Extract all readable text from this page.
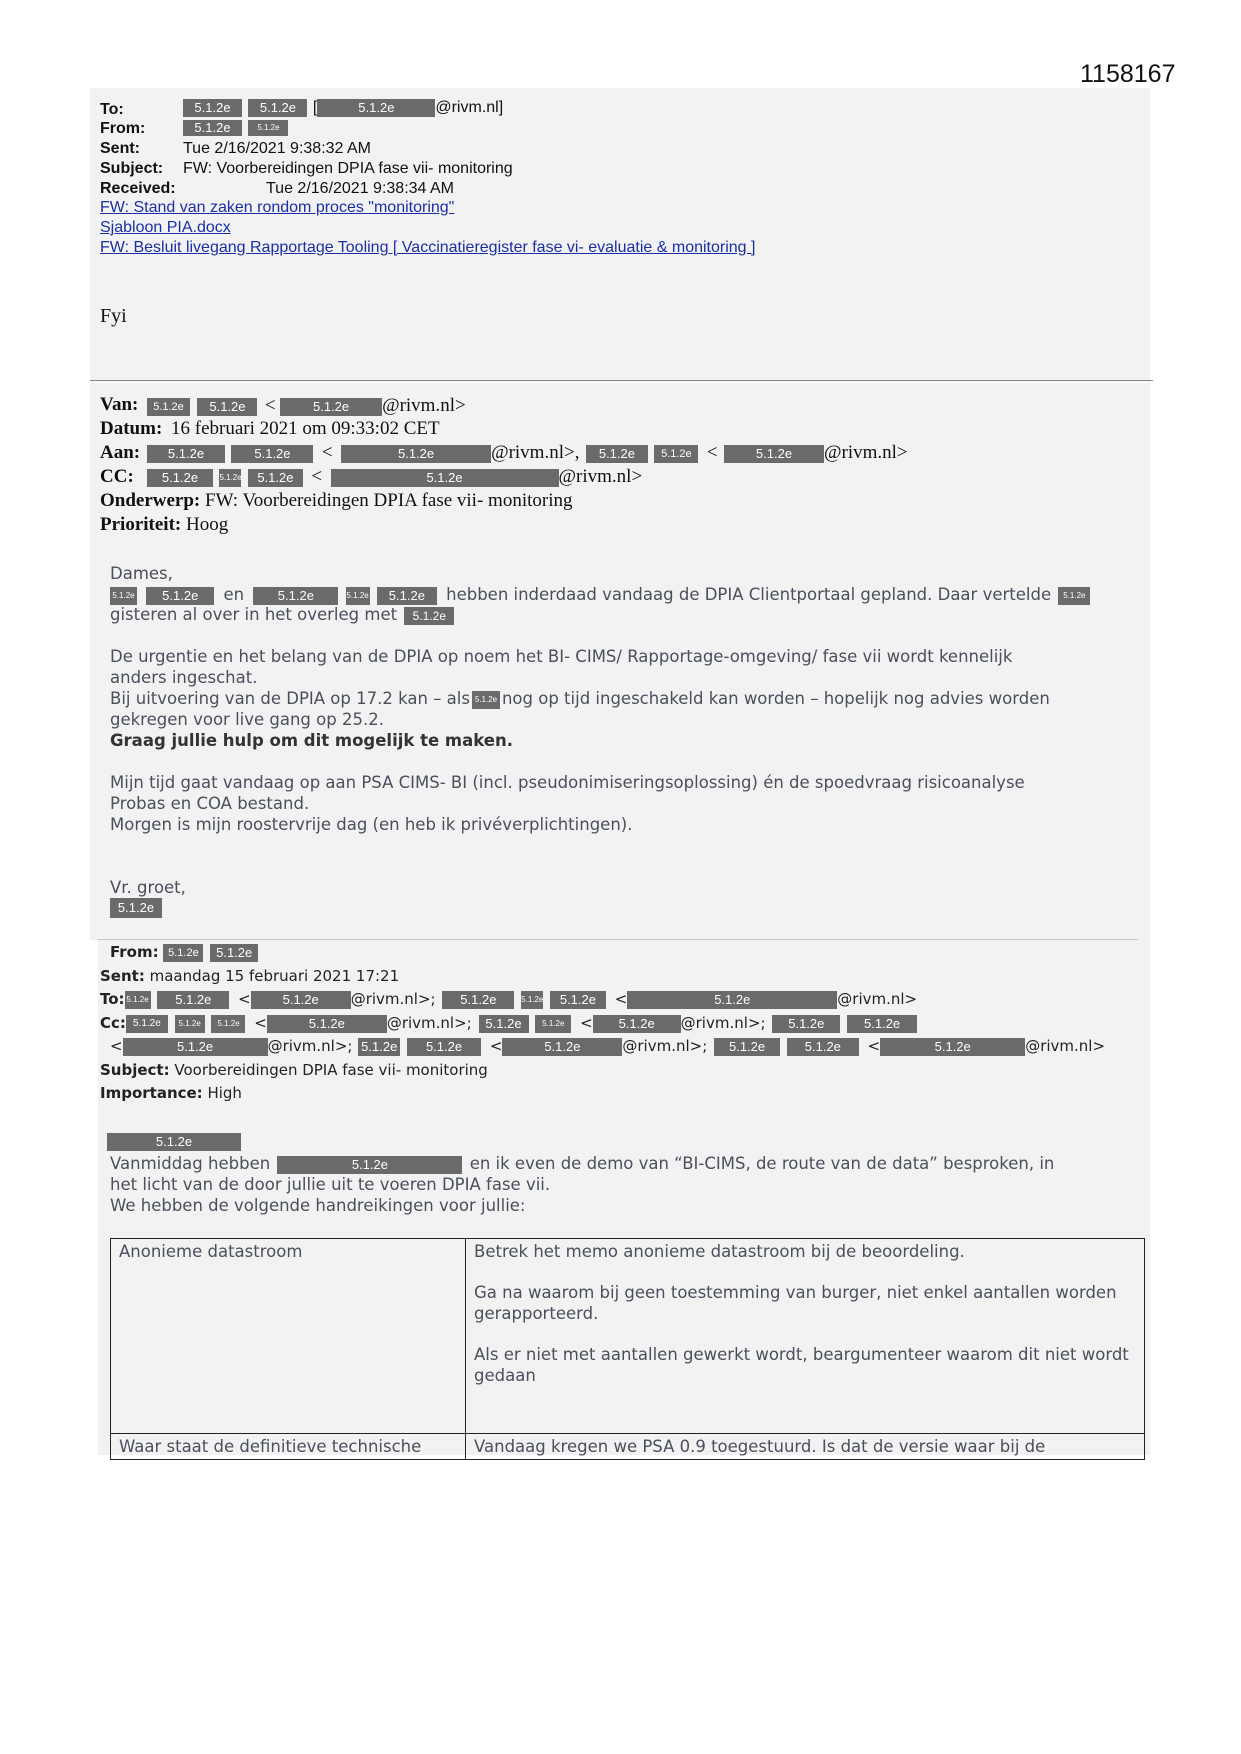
1158167
To:	5.1.2e 5.1.2e [	5.1.2e	@rivm.nl]
From:	5.1.2e	5.1.2e
Sent:	Tue 2/16/2021 9:38:32 AM
Subject: FW: Voorbereidingen DPIA fase vii- monitoring
Received:	Tue 2/16/2021 9:38:34 AM
FW: Stand van zaken rondom proces "monitoring"
Sjabloon PIA.docx
FW: Besluit livegang Rapportage Tooling [ Vaccinatieregister fase vi- evaluatie & monitoring ]
Fyi
Van:	5.1.2e 5.1.2e <	5.1.2e @rivm.nl>
Datum: 16 februari 2021 om 09:33:02 CET
Aan:	5.1.2e	5.1.2e <	5.1.2e	@rivm.nl>, 5.1.2e 5.1.2e <	5.1.2e @rivm.nl>
CC:	5.1.2e	5.1.2e 5.1.2e <	5.1.2e	@rivm.nl>
Onderwerp: FW: Voorbereidingen DPIA fase vii- monitoring
Prioriteit: Hoog
Dames,
5.1.2e 5.1.2e en	5.1.2e	5.1.2e 5.1.2e hebben inderdaad vandaag de DPIA Clientportaal gepland. Daar vertelde 5.1.2e
gisteren al over in het overleg met 5.1.2e
De urgentie en het belang van de DPIA op noem het BI- CIMS/ Rapportage-omgeving/ fase vii wordt kennelijk
anders ingeschat.
Bij uitvoering van de DPIA op 17.2 kan – als 5.1.2e nog op tijd ingeschakeld kan worden – hopelijk nog advies worden
gekregen voor live gang op 25.2.
Graag jullie hulp om dit mogelijk te maken.
Mijn tijd gaat vandaag op aan PSA CIMS- BI (incl. pseudonimiseringsoplossing) én de spoedvraag risicoanalyse
Probas en COA bestand.
Morgen is mijn roostervrije dag (en heb ik privéverplichtingen).
Vr. groet,
5.1.2e
From: 5.1.2e 5.1.2e
Sent: maandag 15 februari 2021 17:21
To: 5.1.2e 5.1.2e < 5.1.2e @rivm.nl>; 5.1.2e	5.1.2e 5.1.2e <	5.1.2e	@rivm.nl>
Cc: 5.1.2e 5.1.2e 5.1.2e <	5.1.2e	@rivm.nl>; 5.1.2e	5.1.2e < 5.1.2e @rivm.nl>; 5.1.2e	5.1.2e
<	5.1.2e	@rivm.nl>; 5.1.2e 5.1.2e <	5.1.2e	@rivm.nl>; 5.1.2e	5.1.2e <	5.1.2e	@rivm.nl>
Subject: Voorbereidingen DPIA fase vii- monitoring
Importance: High
5.1.2e
Vanmiddag hebben	5.1.2e	en ik even de demo van “BI-CIMS, de route van de data” besproken, in
het licht van de door jullie uit te voeren DPIA fase vii.
We hebben de volgende handreikingen voor jullie:
Anonieme datastroom	Betrek het memo anonieme datastroom bij de beoordeling.

Ga na waarom bij geen toestemming van burger, niet enkel aantallen worden gerapporteerd.

Als er niet met aantallen gewerkt wordt, beargumenteer waarom dit niet wordt gedaan

Waar staat de definitieve technische	Vandaag kregen we PSA 0.9 toegestuurd. Is dat de versie waar bij de
